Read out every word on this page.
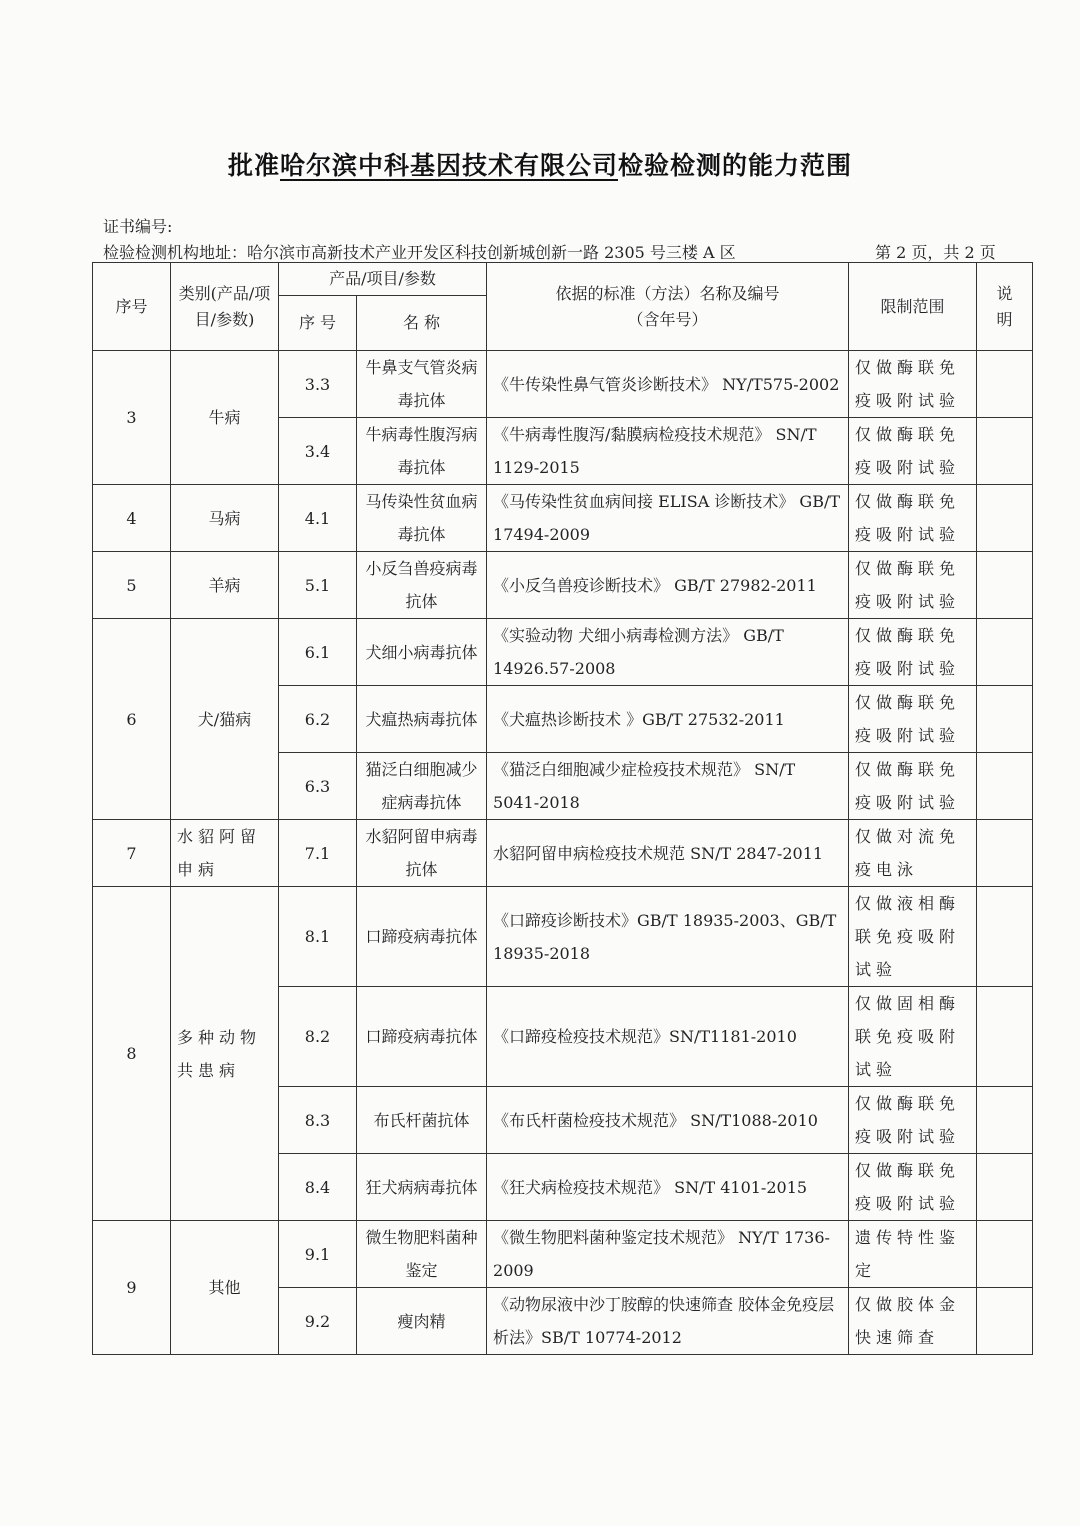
批准哈尔滨中科基因技术有限公司检验检测的能力范围
证书编号:
检验检测机构地址：哈尔滨市高新技术产业开发区科技创新城创新一路 2305 号三楼 A 区	第 2 页，共 2 页
序号	类别(产品/项目/参数)	产品/项目/参数		依据的标准（方法）名称及编号（含年号）	限制范围	说明
		序 号	名 称			
3	牛病	3.3	牛鼻支气管炎病毒抗体	《牛传染性鼻气管炎诊断技术》 NY/T575-2002	仅做酶联免疫吸附试验	
		3.4	牛病毒性腹泻病毒抗体	《牛病毒性腹泻/黏膜病检疫技术规范》 SN/T 1129-2015	仅做酶联免疫吸附试验	
4	马病	4.1	马传染性贫血病毒抗体	《马传染性贫血病间接 ELISA 诊断技术》 GB/T 17494-2009	仅做酶联免疫吸附试验	
5	羊病	5.1	小反刍兽疫病毒抗体	《小反刍兽疫诊断技术》 GB/T 27982-2011	仅做酶联免疫吸附试验	
6	犬/猫病	6.1	犬细小病毒抗体	《实验动物 犬细小病毒检测方法》 GB/T 14926.57-2008	仅做酶联免疫吸附试验	
		6.2	犬瘟热病毒抗体	《犬瘟热诊断技术 》GB/T 27532-2011	仅做酶联免疫吸附试验	
		6.3	猫泛白细胞减少症病毒抗体	《猫泛白细胞减少症检疫技术规范》 SN/T 5041-2018	仅做酶联免疫吸附试验	
7	水貂阿留申病	7.1	水貂阿留申病毒抗体	水貂阿留申病检疫技术规范 SN/T 2847-2011	仅做对流免疫电泳	
8	多种动物共患病	8.1	口蹄疫病毒抗体	《口蹄疫诊断技术》GB/T 18935-2003、GB/T 18935-2018	仅做液相酶联免疫吸附试验	
		8.2	口蹄疫病毒抗体	《口蹄疫检疫技术规范》SN/T1181-2010	仅做固相酶联免疫吸附试验	
		8.3	布氏杆菌抗体	《布氏杆菌检疫技术规范》 SN/T1088-2010	仅做酶联免疫吸附试验	
		8.4	狂犬病病毒抗体	《狂犬病检疫技术规范》 SN/T 4101-2015	仅做酶联免疫吸附试验	
9	其他	9.1	微生物肥料菌种鉴定	《微生物肥料菌种鉴定技术规范》 NY/T 1736-2009	遗传特性鉴定	
		9.2	瘦肉精	《动物尿液中沙丁胺醇的快速筛查 胶体金免疫层析法》SB/T 10774-2012	仅做胶体金快速筛查	
